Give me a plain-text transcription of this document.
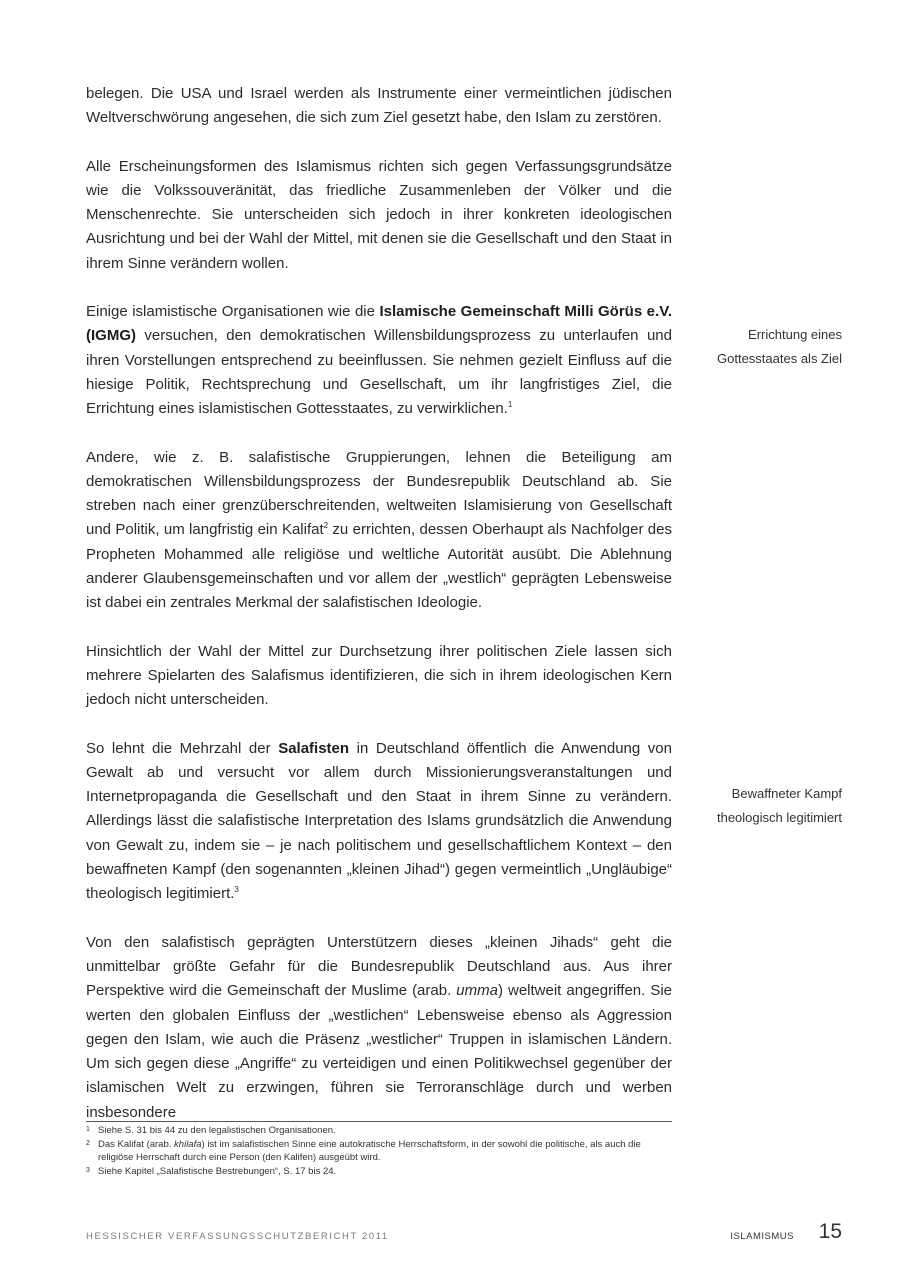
belegen. Die USA und Israel werden als Instrumente einer vermeintlichen jüdischen Weltverschwörung angesehen, die sich zum Ziel gesetzt habe, den Islam zu zerstören.

Alle Erscheinungsformen des Islamismus richten sich gegen Verfassungsgrundsätze wie die Volkssouveränität, das friedliche Zusammenleben der Völker und die Menschenrechte. Sie unterscheiden sich jedoch in ihrer konkreten ideologischen Ausrichtung und bei der Wahl der Mittel, mit denen sie die Gesellschaft und den Staat in ihrem Sinne verändern wollen.

Einige islamistische Organisationen wie die Islamische Gemeinschaft Milli Görüs e.V. (IGMG) versuchen, den demokratischen Willensbildungsprozess zu unterlaufen und ihren Vorstellungen entsprechend zu beeinflussen. Sie nehmen gezielt Einfluss auf die hiesige Politik, Rechtsprechung und Gesellschaft, um ihr langfristiges Ziel, die Errichtung eines islamistischen Gottesstaates, zu verwirklichen.$^1$

Andere, wie z. B. salafistische Gruppierungen, lehnen die Beteiligung am demokratischen Willensbildungsprozess der Bundesrepublik Deutschland ab. Sie streben nach einer grenzüberschreitenden, weltweiten Islamisierung von Gesellschaft und Politik, um langfristig ein Kalifat$^2$ zu errichten, dessen Oberhaupt als Nachfolger des Propheten Mohammed alle religiöse und weltliche Autorität ausübt. Die Ablehnung anderer Glaubensgemeinschaften und vor allem der „westlich“ geprägten Lebensweise ist dabei ein zentrales Merkmal der salafistischen Ideologie.

Hinsichtlich der Wahl der Mittel zur Durchsetzung ihrer politischen Ziele lassen sich mehrere Spielarten des Salafismus identifizieren, die sich in ihrem ideologischen Kern jedoch nicht unterscheiden.

So lehnt die Mehrzahl der Salafisten in Deutschland öffentlich die Anwendung von Gewalt ab und versucht vor allem durch Missionierungsveranstaltungen und Internetpropaganda die Gesellschaft und den Staat in ihrem Sinne zu verändern. Allerdings lässt die salafistische Interpretation des Islams grundsätzlich die Anwendung von Gewalt zu, indem sie – je nach politischem und gesellschaftlichem Kontext – den bewaffneten Kampf (den sogenannten „kleinen Jihad“) gegen vermeintlich „Ungläubige“ theologisch legitimiert.$^3$

Von den salafistisch geprägten Unterstützern dieses „kleinen Jihads“ geht die unmittelbar größte Gefahr für die Bundesrepublik Deutschland aus. Aus ihrer Perspektive wird die Gemeinschaft der Muslime (arab. umma) weltweit angegriffen. Sie werten den globalen Einfluss der „westlichen“ Lebensweise ebenso als Aggression gegen den Islam, wie auch die Präsenz „westlicher“ Truppen in islamischen Ländern. Um sich gegen diese „Angriffe“ zu verteidigen und einen Politikwechsel gegenüber der islamischen Welt zu erzwingen, führen sie Terroranschläge durch und werben insbesondere

Errichtung eines
Gottesstaates als Ziel
Bewaffneter Kampf
theologisch legitimiert
1 Siehe S. 31 bis 44 zu den legalistischen Organisationen.
2 Das Kalifat (arab. khilafa) ist im salafistischen Sinne eine autokratische Herrschaftsform, in der sowohl die politische, als auch die religiöse Herrschaft durch eine Person (den Kalifen) ausgeübt wird.
3 Siehe Kapitel „Salafistische Bestrebungen“, S. 17 bis 24.
HESSISCHER VERFASSUNGSSCHUTZBERICHT 2011	ISLAMISMUS 15
